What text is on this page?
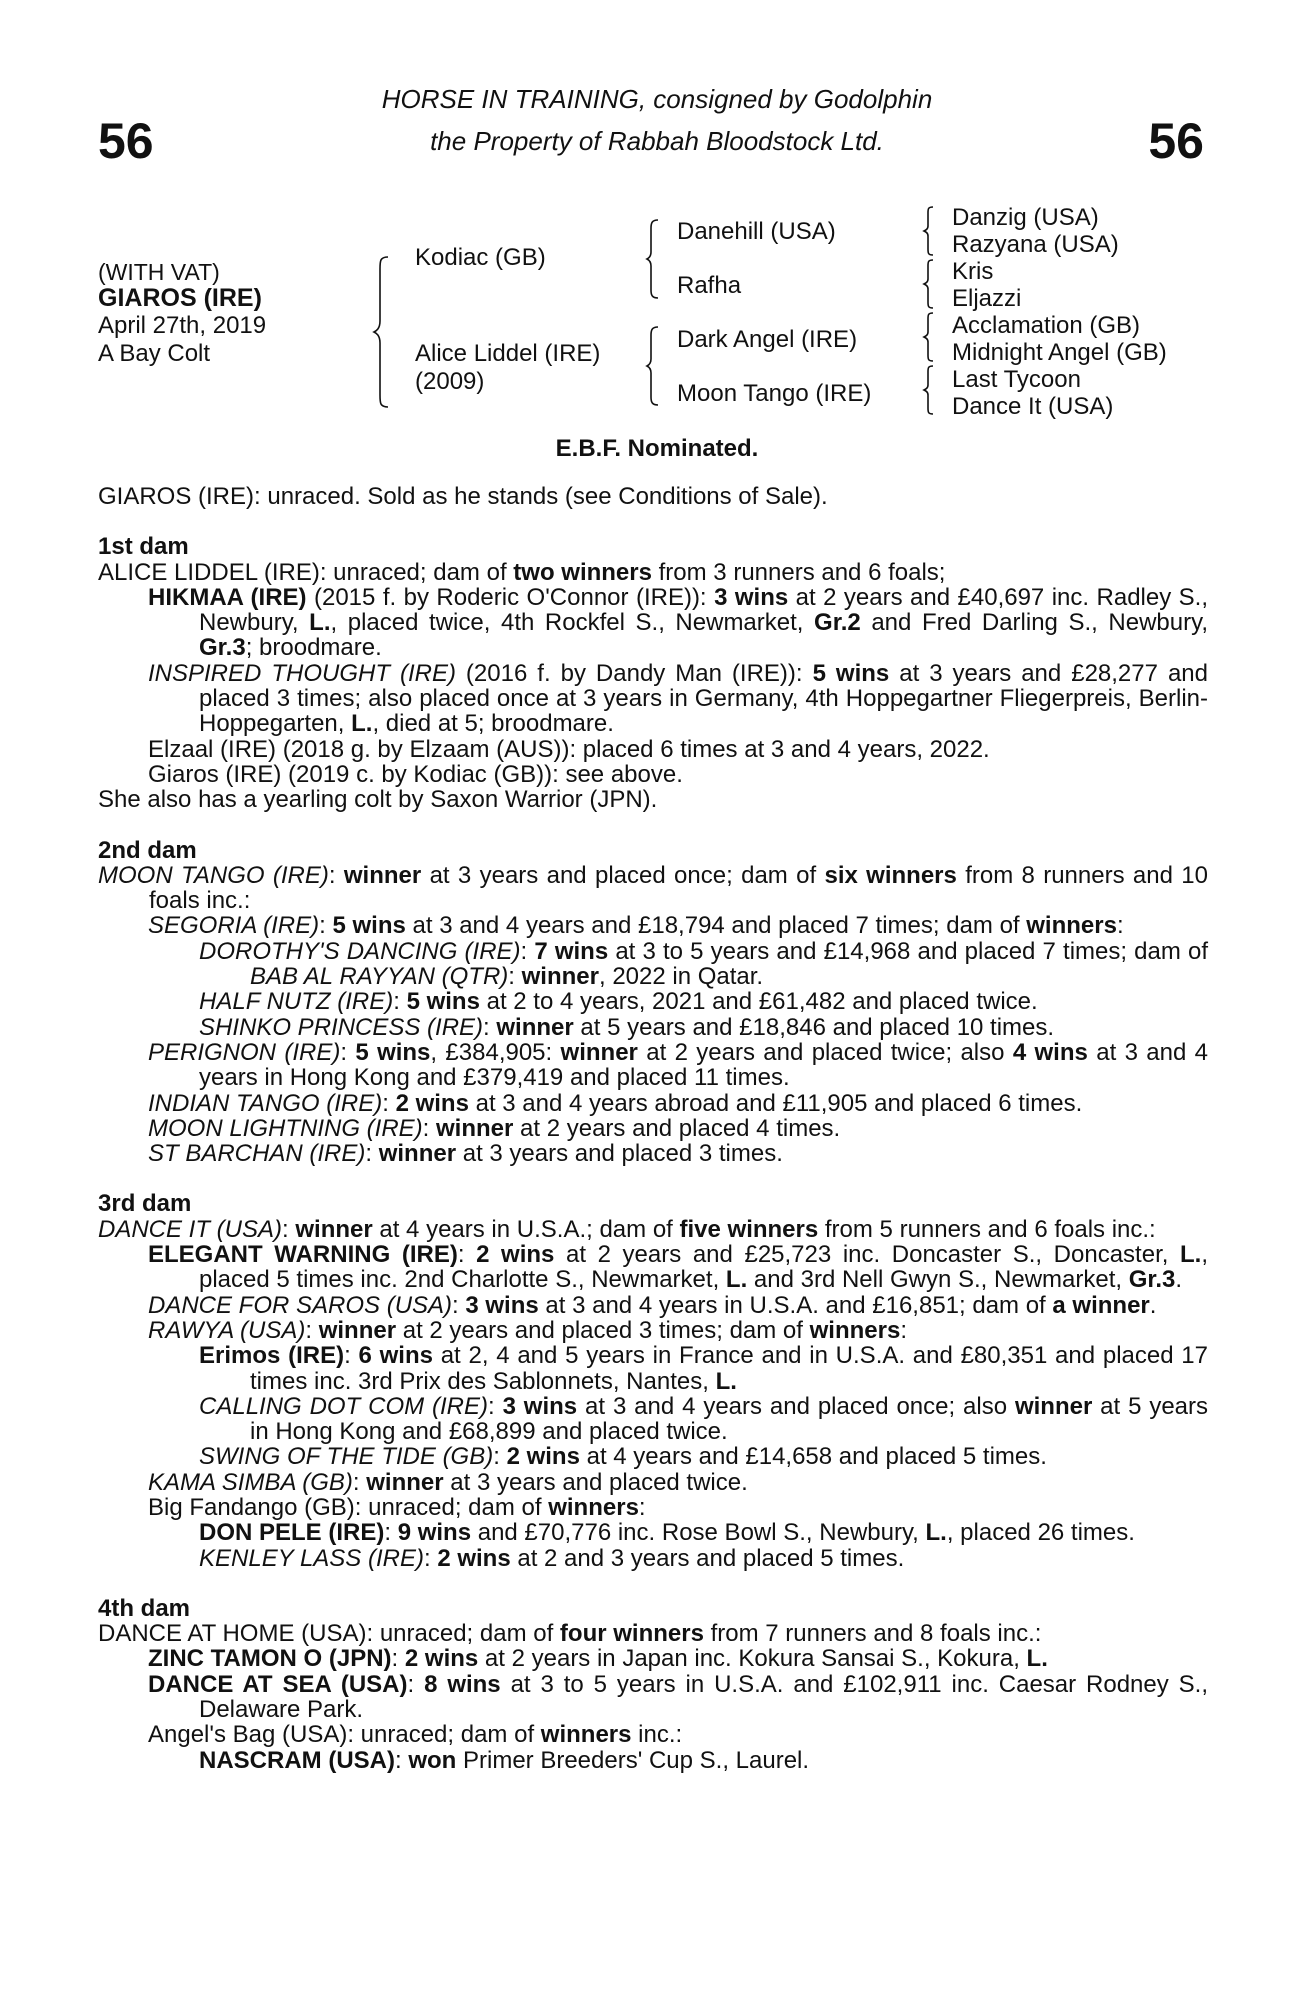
56	56
HORSE IN TRAINING, consigned by Godolphin
the Property of Rabbah Bloodstock Ltd.
(WITH VAT)
GIAROS (IRE)
April 27th, 2019
A Bay Colt
Kodiac (GB)
Alice Liddel (IRE)
(2009)
Danehill (USA)
Rafha
Dark Angel (IRE)
Moon Tango (IRE)
Danzig (USA)
Razyana (USA)
Kris
Eljazzi
Acclamation (GB)
Midnight Angel (GB)
Last Tycoon
Dance It (USA)
E.B.F. Nominated.

GIAROS (IRE): unraced. Sold as he stands (see Conditions of Sale).

1st dam

ALICE LIDDEL (IRE): unraced; dam of two winners from 3 runners and 6 foals;

HIKMAA (IRE) (2015 f. by Roderic O'Connor (IRE)): 3 wins at 2 years and £40,697 inc. Radley S., Newbury, L., placed twice, 4th Rockfel S., Newmarket, Gr.2 and Fred Darling S., Newbury, Gr.3; broodmare.

INSPIRED THOUGHT (IRE) (2016 f. by Dandy Man (IRE)): 5 wins at 3 years and £28,277 and placed 3 times; also placed once at 3 years in Germany, 4th Hoppegartner Fliegerpreis, Berlin-Hoppegarten, L., died at 5; broodmare.

Elzaal (IRE) (2018 g. by Elzaam (AUS)): placed 6 times at 3 and 4 years, 2022.

Giaros (IRE) (2019 c. by Kodiac (GB)): see above.

She also has a yearling colt by Saxon Warrior (JPN).

2nd dam

MOON TANGO (IRE): winner at 3 years and placed once; dam of six winners from 8 runners and 10 foals inc.:

SEGORIA (IRE): 5 wins at 3 and 4 years and £18,794 and placed 7 times; dam of winners:

DOROTHY'S DANCING (IRE): 7 wins at 3 to 5 years and £14,968 and placed 7 times; dam of BAB AL RAYYAN (QTR): winner, 2022 in Qatar.

HALF NUTZ (IRE): 5 wins at 2 to 4 years, 2021 and £61,482 and placed twice.

SHINKO PRINCESS (IRE): winner at 5 years and £18,846 and placed 10 times.

PERIGNON (IRE): 5 wins, £384,905: winner at 2 years and placed twice; also 4 wins at 3 and 4 years in Hong Kong and £379,419 and placed 11 times.

INDIAN TANGO (IRE): 2 wins at 3 and 4 years abroad and £11,905 and placed 6 times.

MOON LIGHTNING (IRE): winner at 2 years and placed 4 times.

ST BARCHAN (IRE): winner at 3 years and placed 3 times.

3rd dam

DANCE IT (USA): winner at 4 years in U.S.A.; dam of five winners from 5 runners and 6 foals inc.:

ELEGANT WARNING (IRE): 2 wins at 2 years and £25,723 inc. Doncaster S., Doncaster, L., placed 5 times inc. 2nd Charlotte S., Newmarket, L. and 3rd Nell Gwyn S., Newmarket, Gr.3.

DANCE FOR SAROS (USA): 3 wins at 3 and 4 years in U.S.A. and £16,851; dam of a winner.

RAWYA (USA): winner at 2 years and placed 3 times; dam of winners:

Erimos (IRE): 6 wins at 2, 4 and 5 years in France and in U.S.A. and £80,351 and placed 17 times inc. 3rd Prix des Sablonnets, Nantes, L.

CALLING DOT COM (IRE): 3 wins at 3 and 4 years and placed once; also winner at 5 years in Hong Kong and £68,899 and placed twice.

SWING OF THE TIDE (GB): 2 wins at 4 years and £14,658 and placed 5 times.

KAMA SIMBA (GB): winner at 3 years and placed twice.

Big Fandango (GB): unraced; dam of winners:

DON PELE (IRE): 9 wins and £70,776 inc. Rose Bowl S., Newbury, L., placed 26 times.

KENLEY LASS (IRE): 2 wins at 2 and 3 years and placed 5 times.

4th dam

DANCE AT HOME (USA): unraced; dam of four winners from 7 runners and 8 foals inc.:

ZINC TAMON O (JPN): 2 wins at 2 years in Japan inc. Kokura Sansai S., Kokura, L.

DANCE AT SEA (USA): 8 wins at 3 to 5 years in U.S.A. and £102,911 inc. Caesar Rodney S., Delaware Park.

Angel's Bag (USA): unraced; dam of winners inc.:

NASCRAM (USA): won Primer Breeders' Cup S., Laurel.
